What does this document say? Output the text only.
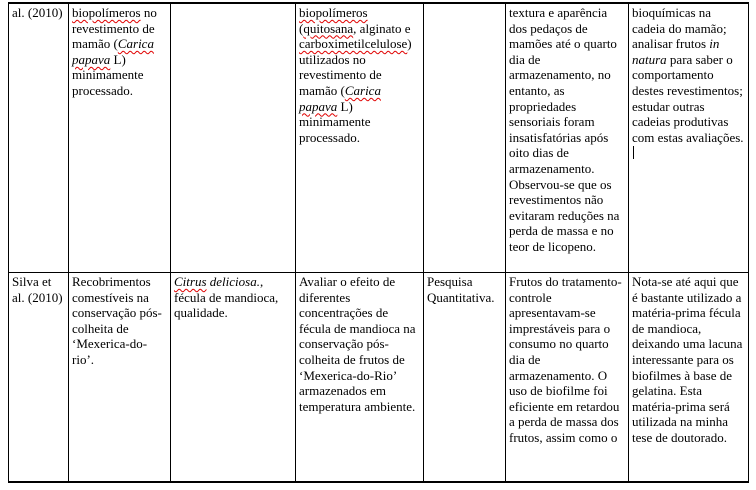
al. (2010)	biopolímeros no revestimento de mamão (Carica papava L) minimamente processado.		biopolímeros (quitosana, alginato e carboximetilcelulose) utilizados no revestimento de mamão (Carica papava L) minimamente processado.		textura e aparência dos pedaços de mamões até o quarto dia de armazenamento, no entanto, as propriedades sensoriais foram insatisfatórias após oito dias de armazenamento. Observou-se que os revestimentos não evitaram reduções na perda de massa e no teor de licopeno.	bioquímicas na cadeia do mamão; analisar frutos in natura para saber o comportamento destes revestimentos; estudar outras cadeias produtivas com estas avaliações.

Silva et al. (2010)	Recobrimentos comestíveis na conservação pós-colheita de ‘Mexerica-do-rio’.	Citrus deliciosa., fécula de mandioca, qualidade.	Avaliar o efeito de diferentes concentrações de fécula de mandioca na conservação pós-colheita de frutos de ‘Mexerica-do-Rio’ armazenados em temperatura ambiente.	Pesquisa Quantitativa.	Frutos do tratamento-controle apresentavam-se imprestáveis para o consumo no quarto dia de armazenamento. O uso de biofilme foi eficiente em retardou a perda de massa dos frutos, assim como o	Nota-se até aqui que é bastante utilizado a matéria-prima fécula de mandioca, deixando uma lacuna interessante para os biofilmes à base de gelatina. Esta matéria-prima será utilizada na minha tese de doutorado.
